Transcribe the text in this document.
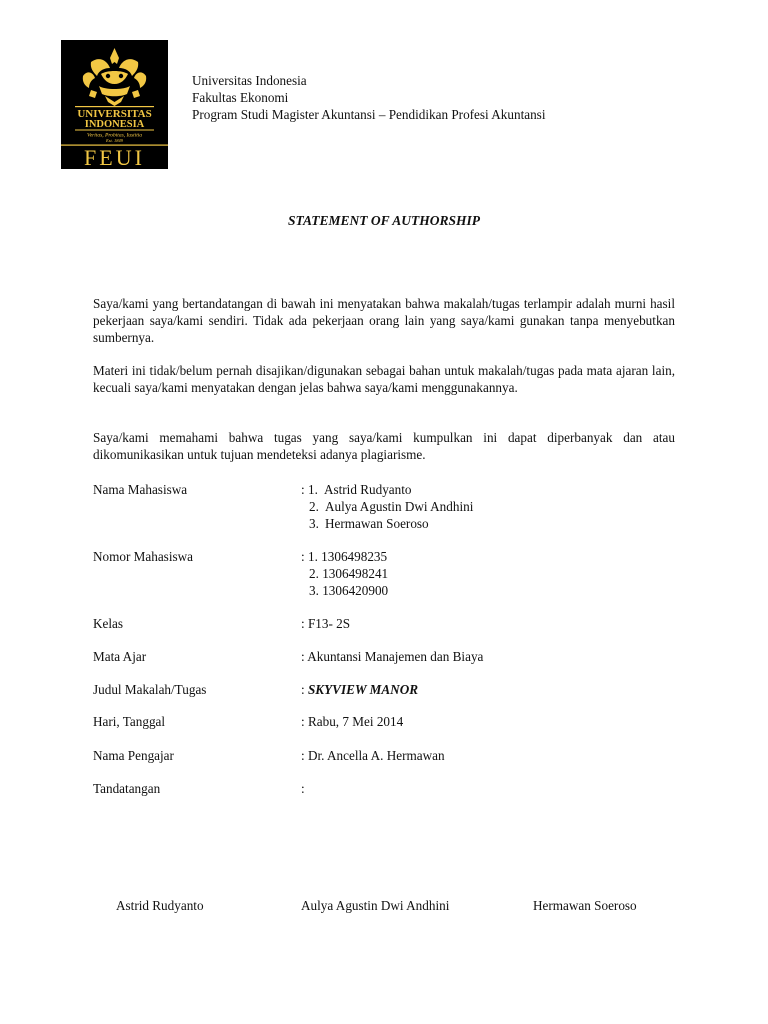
UNIVERSITAS
INDONESIA
Veritas, Probitas, Iustitia
Est. 1849
FEUI
Universitas Indonesia
Fakultas Ekonomi
Program Studi Magister Akuntansi – Pendidikan Profesi Akuntansi
STATEMENT OF AUTHORSHIP
Saya/kami yang bertandatangan di bawah ini menyatakan bahwa makalah/tugas terlampir adalah murni hasil pekerjaan saya/kami sendiri. Tidak ada pekerjaan orang lain yang saya/kami gunakan tanpa menyebutkan sumbernya.
Materi ini tidak/belum pernah disajikan/digunakan sebagai bahan untuk makalah/tugas pada mata ajaran lain, kecuali saya/kami menyatakan dengan jelas bahwa saya/kami menggunakannya.
Saya/kami memahami bahwa tugas yang saya/kami kumpulkan ini dapat diperbanyak dan atau dikomunikasikan untuk tujuan mendeteksi adanya plagiarisme.
Nama Mahasiswa	: 1. Astrid Rudyanto
2. Aulya Agustin Dwi Andhini
3. Hermawan Soeroso
Nomor Mahasiswa	: 1. 1306498235
2. 1306498241
3. 1306420900
Kelas	: F13- 2S
Mata Ajar	: Akuntansi Manajemen dan Biaya
Judul Makalah/Tugas	: SKYVIEW MANOR
Hari, Tanggal	: Rabu, 7 Mei 2014
Nama Pengajar	: Dr. Ancella A. Hermawan
Tandatangan	:
Astrid Rudyanto	Aulya Agustin Dwi Andhini	Hermawan Soeroso
